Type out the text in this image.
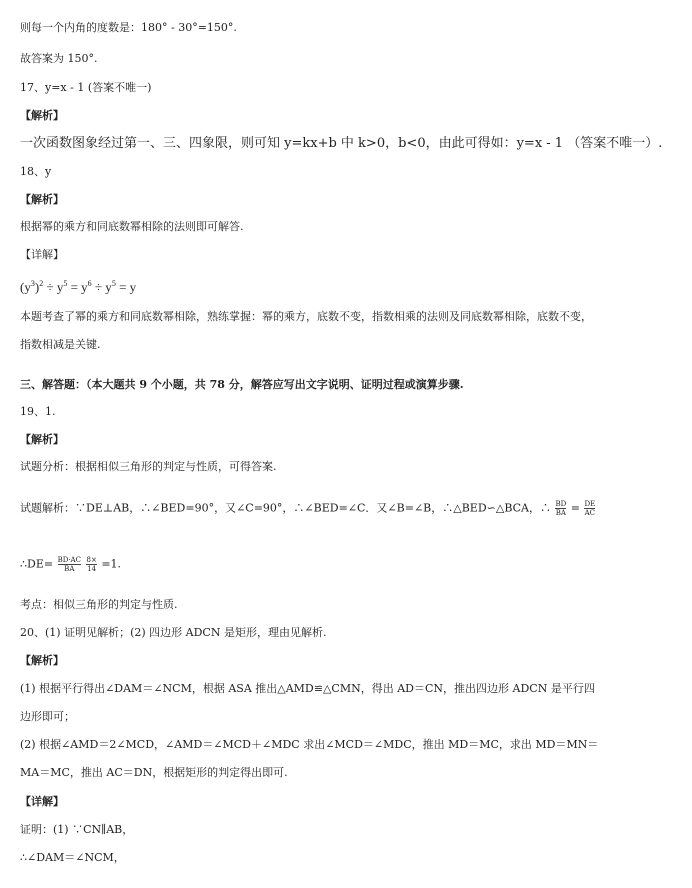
则每一个内角的度数是：180° - 30°=150°.
故答案为 150°.
17、y=x - 1 (答案不唯一)
【解析】
一次函数图象经过第一、三、四象限，则可知 y=kx+b 中 k>0，b<0，由此可得如：y=x - 1 （答案不唯一）.
18、y
【解析】
根据幂的乘方和同底数幂相除的法则即可解答.
【详解】
$(y^3)^2 \div y^5 = y^6 \div y^5 = y$
本题考查了幂的乘方和同底数幂相除，熟练掌握：幂的乘方，底数不变，指数相乘的法则及同底数幂相除，底数不变，
指数相减是关键.
三、解答题：（本大题共 9 个小题，共 78 分，解答应写出文字说明、证明过程或演算步骤.
19、1.
【解析】
试题分析：根据相似三角形的判定与性质，可得答案.
试题解析：∵DE⊥AB，∴∠BED=90°，又∠C=90°，∴∠BED=∠C．又∠B=∠B，∴△BED∽△BCA，∴ $\frac{BD}{BA} = \frac{DE}{AC}$
∴DE= $\frac{BD\cdot AC}{BA} \frac{8\times}{14} =1$.
考点：相似三角形的判定与性质.
20、(1) 证明见解析；(2) 四边形 ADCN 是矩形，理由见解析.
【解析】
(1) 根据平行得出∠DAM＝∠NCM，根据 ASA 推出△AMD≌△CMN，得出 AD＝CN，推出四边形 ADCN 是平行四
边形即可；
(2) 根据∠AMD＝2∠MCD，∠AMD＝∠MCD＋∠MDC 求出∠MCD＝∠MDC，推出 MD＝MC，求出 MD＝MN＝
MA＝MC，推出 AC＝DN，根据矩形的判定得出即可.
【详解】
证明：(1) ∵CN∥AB，
∴∠DAM＝∠NCM，
